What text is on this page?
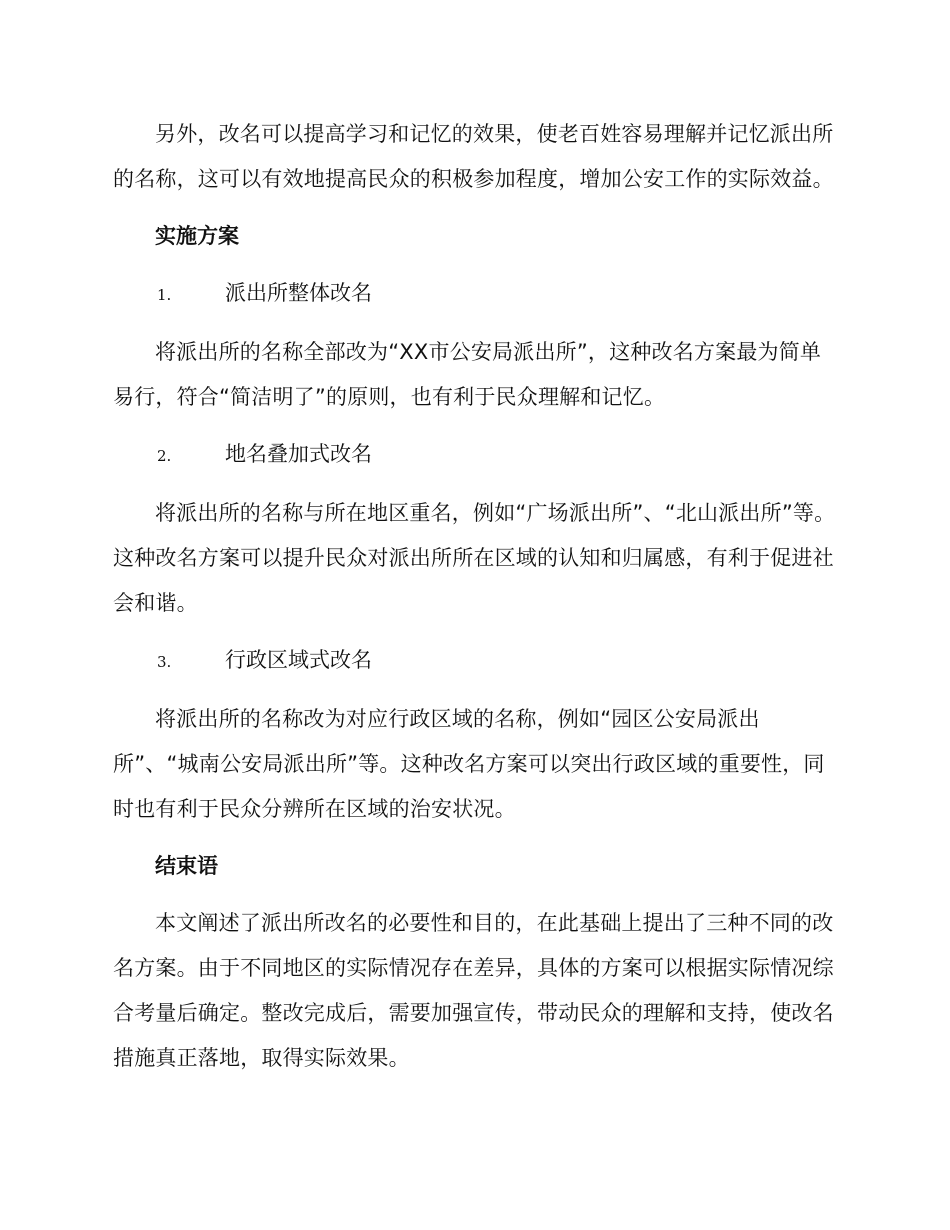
另外，改名可以提高学习和记忆的效果，使老百姓容易理解并记忆派出所的名称，这可以有效地提高民众的积极参加程度，增加公安工作的实际效益。

实施方案
1.	派出所整体改名

将派出所的名称全部改为“XX市公安局派出所”，这种改名方案最为简单易行，符合“简洁明了”的原则，也有利于民众理解和记忆。

2.	地名叠加式改名

将派出所的名称与所在地区重名，例如“广场派出所”、“北山派出所”等。这种改名方案可以提升民众对派出所所在区域的认知和归属感，有利于促进社会和谐。

3.	行政区域式改名

将派出所的名称改为对应行政区域的名称，例如“园区公安局派出所”、“城南公安局派出所”等。这种改名方案可以突出行政区域的重要性，同时也有利于民众分辨所在区域的治安状况。

结束语

本文阐述了派出所改名的必要性和目的，在此基础上提出了三种不同的改名方案。由于不同地区的实际情况存在差异，具体的方案可以根据实际情况综合考量后确定。整改完成后，需要加强宣传，带动民众的理解和支持，使改名措施真正落地，取得实际效果。
